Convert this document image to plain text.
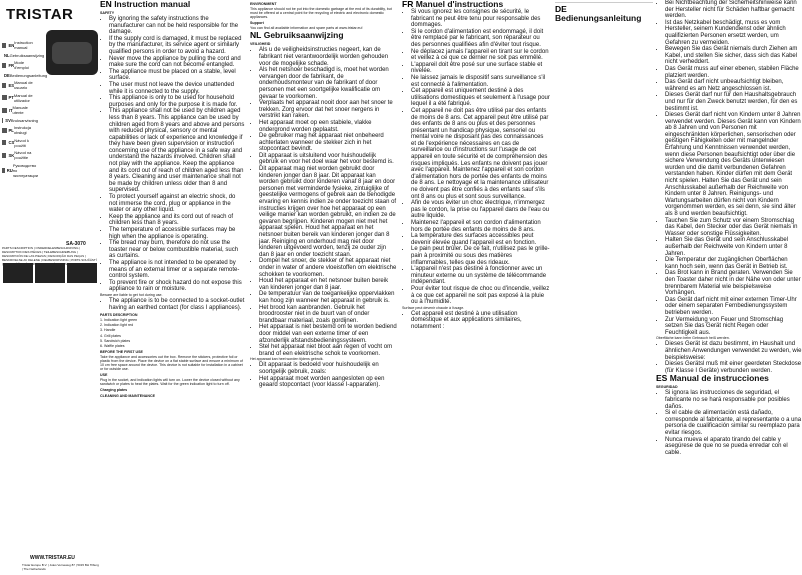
TRISTAR
EN Instruction manual
NL Gebruiksaanwijzing
FR Mode d'emploi
DE Bedienungsanleitung
ES Manual de usuario
PT Manual de utilizador
IT Manuale utente
SV Bruksanvisning
PL Instrukcja obsługi
CS Návod k použití
SK Návod na použitie
RU
Руководство по эксплуатации
SA-3070
PARTS DESCRIPTION | ONDERDELENBESCHRIJVING | DESCRIPTION DES PIÈCES | TEILEBESCHREIBUNG | DESCRIPCIÓN DE LAS PIEZAS | DESCRIÇÃO DAS PEÇAS | BESKRIVELSE AV DELENE | DELBESKRIVNING | POPIS SOUČÁSTÍ POPIS
WWW.TRISTAR.EU
Tristar Europe B.V. | Jules Verneweg 87 | 5015 BH Tilburg | The Netherlands
EN Instruction manual
SAFETY
• By ignoring the safety instructions the manufacturer can not be held responsible for the damage.
• If the supply cord is damaged, it must be replaced by the manufacturer, its service agent or similarly qualified persons in order to avoid a hazard.
• Never move the appliance by pulling the cord and make sure the cord can not become entangled.
• The appliance must be placed on a stable, level surface.
• The user must not leave the device unattended while it is connected to the supply.
• This appliance is only to be used for household purposes and only for the purpose it is made for.
• This appliance shall not be used by children aged less than 8 years. This appliance can be used by children aged from 8 years and above and persons with reduced physical, sensory or mental capabilities or lack of experience and knowledge if they have been given supervision or instruction concerning use of the appliance in a safe way and understand the hazards involved. Children shall not play with the appliance. Keep the appliance and its cord out of reach of children aged less than 8 years. Cleaning and user maintenance shall not be made by children unless older than 8 and supervised.
• To protect yourself against an electric shock, do not immerse the cord, plug or appliance in the water or any other liquid.
• Keep the appliance and its cord out of reach of children less than 8 years.
• The temperature of accessible surfaces may be high when the appliance is operating.
• The bread may burn, therefore do not use the toaster near or below combustible material, such as curtains.
• The appliance is not intended to be operated by means of an external timer or a separate remote-control system.
• To prevent fire or shock hazard do not expose this appliance to rain or moisture.

Beware are liable to get hot during use.

• The appliance is to be connected to a socket-outlet having an earthed contact (for class I appliances).
PARTS DESCRIPTION

1. Indication light green

2. Indication light red

3. Handle

4. Grill plates

5. Sandwich plates

6. Waffle plates

BEFORE THE FIRST USE

Take the appliance and accessories out the box. Remove the stickers, protective foil or plastic from the device. Place the device on a flat stable surface and ensure a minimum of 10 cm free space around the device. This device is not suitable for installation in a cabinet or for outside use.

USE

Plug in the socket, and indication lights will turn on. Lower the device closed without any sandwich or plates to heat the plates. Wait for the green indication light to turn off.

Charging plates
CLEANING AND MAINTENANCE
ENVIRONMENT

This appliance should not be put into the domestic garbage at the end of its durability, but must be offered at a central point for the recycling of electric and electronic domestic appliances.

Support

You can find all available information and spare parts at www.tristar.eu!

NL Gebruiksaanwijzing
VEILIGHEID
• Als u de veiligheidsinstructies negeert, kan de fabrikant niet verantwoordelijk worden gehouden voor de mogelijke schade.
• Als het netsnoer beschadigd is, moet het worden vervangen door de fabrikant, de onderhoudsmonteur van de fabrikant of door personen met een soortgelijke kwalificatie om gevaar te voorkomen.
• Verplaats het apparaat nooit door aan het snoer te trekken. Zorg ervoor dat het snoer nergens in verstrikt kan raken.
• Het apparaat moet op een stabiele, vlakke ondergrond worden geplaatst.
• De gebruiker mag het apparaat niet onbeheerd achterlaten wanneer de stekker zich in het stopcontact bevindt.
• Dit apparaat is uitsluitend voor huishoudelijk gebruik en voor het doel waar het voor bestemd is.
• Dit apparaat mag niet worden gebruikt door kinderen jonger dan 8 jaar. Dit apparaat kan worden gebruikt door kinderen vanaf 8 jaar en door personen met verminderde fysieke, zintuiglijke of geestelijke vermogens of gebrek aan de benodigde ervaring en kennis indien ze onder toezicht staan of instructies krijgen over hoe het apparaat op een veilige manier kan worden gebruikt, en indien ze de gevaren begrijpen. Kinderen mogen niet met het apparaat spelen. Houd het apparaat en het netsnoer buiten bereik van kinderen jonger dan 8 jaar. Reiniging en onderhoud mag niet door kinderen uitgevoerd worden, tenzij ze ouder zijn dan 8 jaar en onder toezicht staan.
• Dompel het snoer, de stekker of het apparaat niet onder in water of andere vloeistoffen om elektrische schokken te voorkomen.
• Houd het apparaat en het netsnoer buiten bereik van kinderen jonger dan 8 jaar.
• De temperatuur van de toegankelijke oppervlakken kan hoog zijn wanneer het apparaat in gebruik is.
• Het brood kan aanbranden. Gebruik het broodrooster niet in de buurt van of onder brandbaar materiaal, zoals gordijnen.
• Het apparaat is niet bestemd om te worden bediend door middel van een externe timer of een afzonderlijk afstandsbedieningssysteem.
• Stel het apparaat niet bloot aan regen of vocht om brand of een elektrische schok te voorkomen.

Het apparaat kan heet worden tijdens gebruik.

• Dit apparaat is bedoeld voor huishoudelijk en soortgelijk gebruik, zoals:
• Het apparaat moet worden aangesloten op een geaard stopcontact (voor klasse I-apparaten).
FR Manuel d'instructions
• Si vous ignorez les consignes de sécurité, le fabricant ne peut être tenu pour responsable des dommages.
• Si le cordon d'alimentation est endommagé, il doit être remplacé par le fabricant, son réparateur ou des personnes qualifiées afin d'éviter tout risque.
• Ne déplacez jamais l'appareil en tirant sur le cordon et veillez à ce que ce dernier ne soit pas emmêlé.
• L'appareil doit être posé sur une surface stable et nivelée.
• Ne laissez jamais le dispositif sans surveillance s'il est connecté à l'alimentation.
• Cet appareil est uniquement destiné à des utilisations domestiques et seulement à l'usage pour lequel il a été fabriqué.
• Cet appareil ne doit pas être utilisé par des enfants de moins de 8 ans. Cet appareil peut être utilisé par des enfants de 8 ans ou plus et des personnes présentant un handicap physique, sensoriel ou mental voire ne disposant pas des connaissances et de l'expérience nécessaires en cas de surveillance ou d'instructions sur l'usage de cet appareil en toute sécurité et de compréhension des risques impliqués. Les enfants ne doivent pas jouer avec l'appareil. Maintenez l'appareil et son cordon d'alimentation hors de portée des enfants de moins de 8 ans. Le nettoyage et la maintenance utilisateur ne doivent pas être confiés à des enfants sauf s'ils ont 8 ans ou plus et sont sous surveillance.
• Afin de vous éviter un choc électrique, n'immergez pas le cordon, la prise ou l'appareil dans de l'eau ou autre liquide.
• Maintenez l'appareil et son cordon d'alimentation hors de portée des enfants de moins de 8 ans.
• La température des surfaces accessibles peut devenir élevée quand l'appareil est en fonction.
• Le pain peut brûler. De ce fait, n'utilisez pas le grille-pain à proximité ou sous des matières inflammables, telles que des rideaux.
• L'appareil n'est pas destiné à fonctionner avec un minuteur externe ou un système de télécommande indépendant.
• Pour éviter tout risque de choc ou d'incendie, veillez à ce que cet appareil ne soit pas exposé à la pluie ou à l'humidité.

Surface peut devenir chaude à l'usage.

• Cet appareil est destiné à une utilisation domestique et aux applications similaires, notamment :
DE Bedienungsanleitung
• Bei Nichtbeachtung der Sicherheitshinweise kann der Hersteller nicht für Schäden haftbar gemacht werden.
• Ist das Netzkabel beschädigt, muss es vom Hersteller, seinem Kundendienst oder ähnlich qualifizierten Personen ersetzt werden, um Gefahren zu vermeiden.
• Bewegen Sie das Gerät niemals durch Ziehen am Kabel, und stellen Sie sicher, dass sich das Kabel nicht verheddert.
• Das Gerät muss auf einer ebenen, stabilen Fläche platziert werden.
• Das Gerät darf nicht unbeaufsichtigt bleiben, während es am Netz angeschlossen ist.
• Dieses Gerät darf nur für den Haushaltsgebrauch und nur für den Zweck benutzt werden, für den es bestimmt ist.
• Dieses Gerät darf nicht von Kindern unter 8 Jahren verwendet werden. Dieses Gerät kann von Kindern ab 8 Jahren und von Personen mit eingeschränkten körperlichen, sensorischen oder geistigen Fähigkeiten oder mit mangelnder Erfahrung und Kenntnissen verwendet werden, wenn diese Personen beaufsichtigt oder über die sichere Verwendung des Geräts unterwiesen wurden und die damit verbundenen Gefahren verstanden haben. Kinder dürfen mit dem Gerät nicht spielen. Halten Sie das Gerät und sein Anschlusskabel außerhalb der Reichweite von Kindern unter 8 Jahren. Reinigungs- und Wartungsarbeiten dürfen nicht von Kindern vorgenommen werden, es sei denn, sie sind älter als 8 und werden beaufsichtigt.
• Tauchen Sie zum Schutz vor einem Stromschlag das Kabel, den Stecker oder das Gerät niemals in Wasser oder sonstige Flüssigkeiten.
• Halten Sie das Gerät und sein Anschlusskabel außerhalb der Reichweite von Kindern unter 8 Jahren.
• Die Temperatur der zugänglichen Oberflächen kann hoch sein, wenn das Gerät in Betrieb ist.
• Das Brot kann in Brand geraten. Verwenden Sie den Toaster daher nicht in der Nähe von oder unter brennbarem Material wie beispielsweise Vorhängen.
• Das Gerät darf nicht mit einer externen Timer-Uhr oder einem separaten Fernbedienungssystem betrieben werden.
• Zur Vermeidung von Feuer und Stromschlag setzen Sie das Gerät nicht Regen oder Feuchtigkeit aus.

Oberfläche kann beim Gebrauch heiß werden.

• Dieses Gerät ist dazu bestimmt, im Haushalt und ähnlichen Anwendungen verwendet zu werden, wie beispielsweise:
• Dieses Gerätsl muß mit einer geerdeten Steckdose (für Klasse I Geräte) verbunden werden.
ES Manual de instrucciones
SEGURIDAD
• Si ignora las instrucciones de seguridad, el fabricante no se hará responsable por posibles daños.
• Si el cable de alimentación está dañado, corresponde al fabricante, al representante o a una persona de cualificación similar su reemplazo para evitar riesgos.
• Nunca mueva el aparato tirando del cable y asegúrese de que no se pueda enredar con el cable.
